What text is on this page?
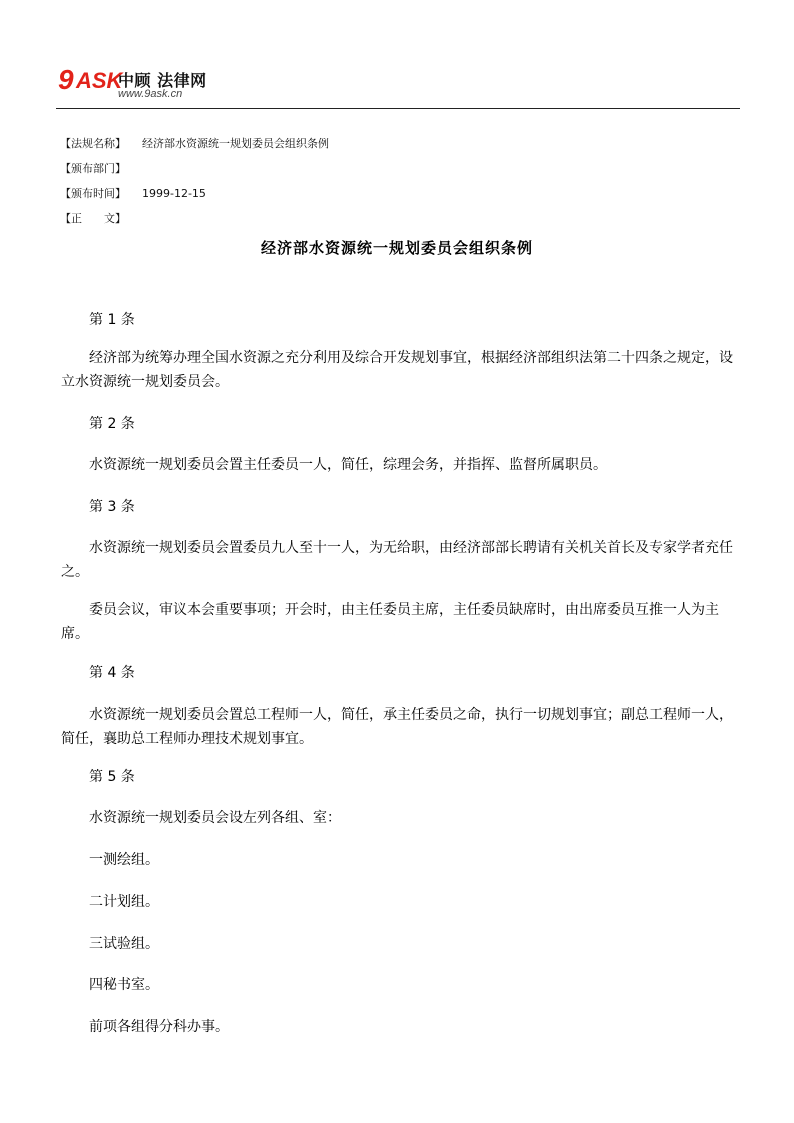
9 ASK
中顾 法律网
www.9ask.cn
【法规名称】 经济部水资源统一规划委员会组织条例
【颁布部门】
【颁布时间】 1999-12-15
【正　　文】
经济部水资源统一规划委员会组织条例
第 1 条
经济部为统筹办理全国水资源之充分利用及综合开发规划事宜，根据经济部组织法第二十四条之规定，设立水资源统一规划委员会。
第 2 条
水资源统一规划委员会置主任委员一人，简任，综理会务，并指挥、监督所属职员。
第 3 条
水资源统一规划委员会置委员九人至十一人，为无给职，由经济部部长聘请有关机关首长及专家学者充任之。
委员会议，审议本会重要事项；开会时，由主任委员主席，主任委员缺席时，由出席委员互推一人为主席。
第 4 条
水资源统一规划委员会置总工程师一人，简任，承主任委员之命，执行一切规划事宜；副总工程师一人，简任，襄助总工程师办理技术规划事宜。
第 5 条
水资源统一规划委员会设左列各组、室：
一测绘组。
二计划组。
三试验组。
四秘书室。
前项各组得分科办事。
